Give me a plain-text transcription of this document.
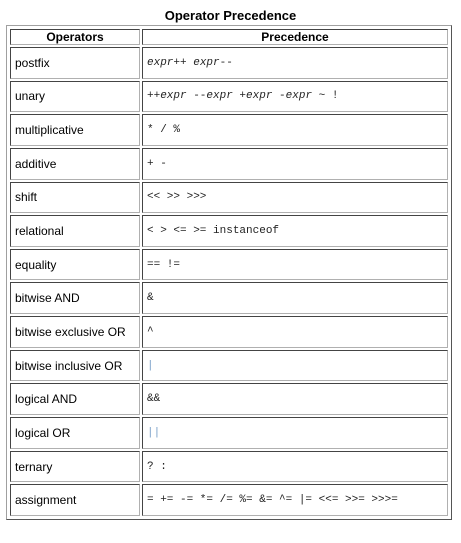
Operator Precedence
Operators	Precedence
postfix	expr++ expr--
unary	++expr --expr +expr -expr ~ !
multiplicative	* / %
additive	+ -
shift	<< >> >>>
relational	< > <= >= instanceof
equality	== !=
bitwise AND	&
bitwise exclusive OR	^
bitwise inclusive OR	|
logical AND	&&
logical OR	||
ternary	? :
assignment	= += -= *= /= %= &= ^= |= <<= >>= >>>=
